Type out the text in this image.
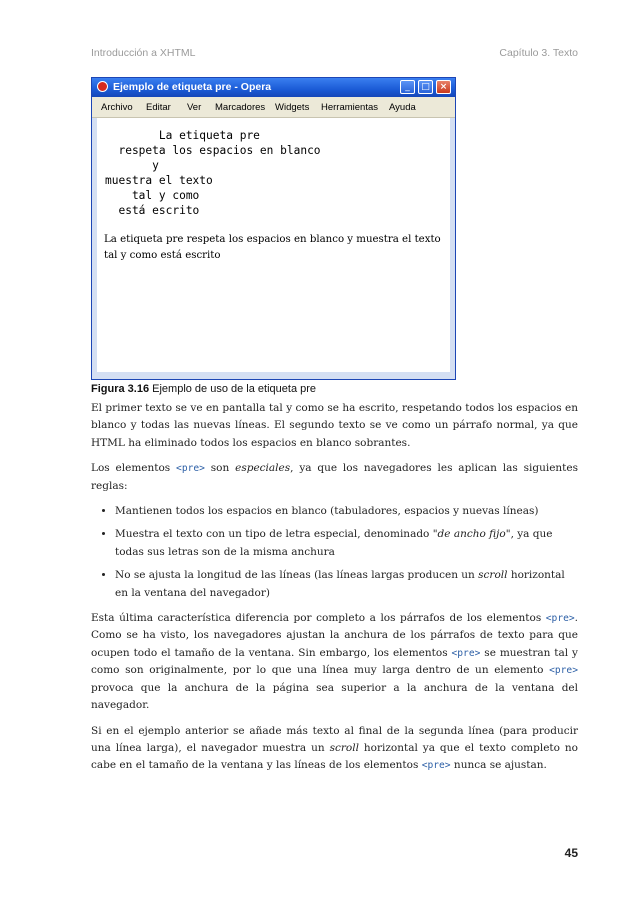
Introducción a XHTML	Capítulo 3. Texto
Ejemplo de etiqueta pre - Opera	_	□	×
Archivo Editar Ver Marcadores Widgets Herramientas Ayuda
La etiqueta pre
respeta los espacios en blanco
y
muestra el texto
tal y como
está escrito

La etiqueta pre respeta los espacios en blanco y muestra el texto tal y como está escrito

Figura 3.16 Ejemplo de uso de la etiqueta pre

El primer texto se ve en pantalla tal y como se ha escrito, respetando todos los espacios en blanco y todas las nuevas líneas. El segundo texto se ve como un párrafo normal, ya que HTML ha eliminado todos los espacios en blanco sobrantes.

Los elementos <pre> son especiales, ya que los navegadores les aplican las siguientes reglas:

• Mantienen todos los espacios en blanco (tabuladores, espacios y nuevas líneas)
• Muestra el texto con un tipo de letra especial, denominado "de ancho fijo", ya que todas sus letras son de la misma anchura
• No se ajusta la longitud de las líneas (las líneas largas producen un scroll horizontal en la ventana del navegador)

Esta última característica diferencia por completo a los párrafos de los elementos <pre>. Como se ha visto, los navegadores ajustan la anchura de los párrafos de texto para que ocupen todo el tamaño de la ventana. Sin embargo, los elementos <pre> se muestran tal y como son originalmente, por lo que una línea muy larga dentro de un elemento <pre> provoca que la anchura de la página sea superior a la anchura de la ventana del navegador.

Si en el ejemplo anterior se añade más texto al final de la segunda línea (para producir una línea larga), el navegador muestra un scroll horizontal ya que el texto completo no cabe en el tamaño de la ventana y las líneas de los elementos <pre> nunca se ajustan.

45
